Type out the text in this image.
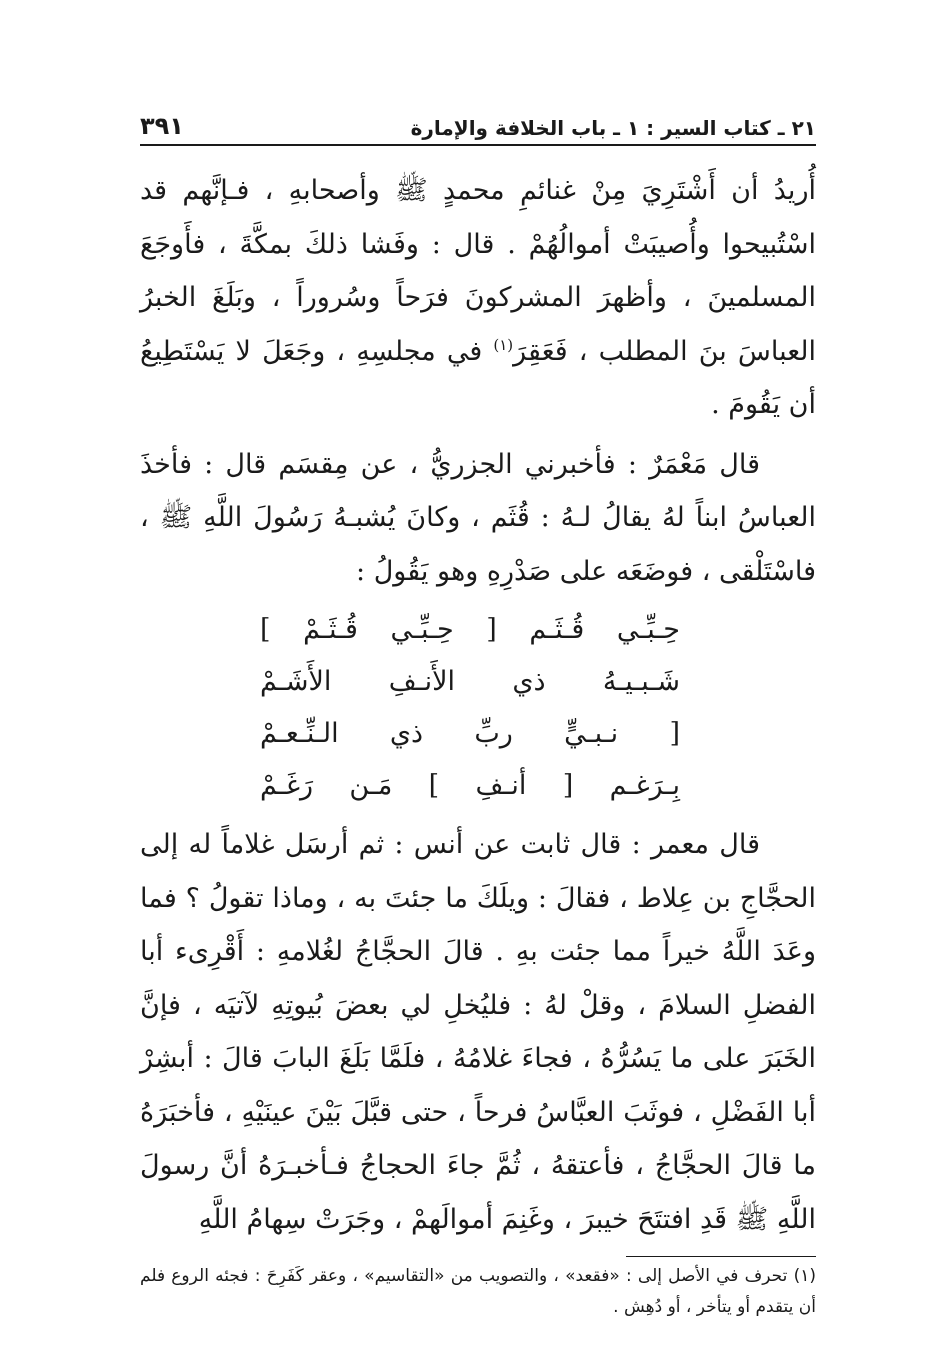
٢١ ـ كتاب السير : ١ ـ باب الخلافة والإمارة
٣٩١

أُريدُ أن أَشْتَرِيَ مِنْ غنائمِ محمدٍ ﷺ وأصحابهِ ، فـإنَّهم قد اسْتُبيحوا وأُصيبَتْ أموالُهُمْ . قال : وفَشا ذلكَ بمكَّةَ ، فأَوجَعَ المسلمينَ ، وأظهرَ المشركونَ فرَحاً وسُروراً ، وبَلَغَ الخبرُ العباسَ بنَ المطلب ، فَعَقِرَ$^{(١)}$ في مجلسِهِ ، وجَعَلَ لا يَسْتَطِيعُ أن يَقُومَ .

قال مَعْمَرٌ : فأخبرني الجزريُّ ، عن مِقسَم قال : فأخذَ العباسُ ابناً لهُ يقالُ لـهُ : قُثَم ، وكانَ يُشبـهُ رَسُولَ اللَّهِ ﷺ ، فاسْتَلْقى ، فوضَعَه على صَدْرِهِ وهو يَقُولُ :

حِـبِّـي قُـثَـم [ حِـبِّـي قُـثَـمْ ]
شَـبـيـهُ ذي الأَنـفِ الأَشَـمْ
[ نـبـيٍّ ربِّ ذي الـنِّـعـمْ
بِـرَغـم [ أنـفِ ] مَـن رَغَـمْ

قال معمر : قال ثابت عن أنس : ثم أرسَل غلاماً له إلى الحجَّاجِ بن عِلاط ، فقالَ : ويلَكَ ما جئتَ به ، وماذا تقولُ ؟ فما وعَدَ اللَّهُ خيراً مما جئت بهِ . قالَ الحجَّاجُ لغُلامهِ : أَقْرِىء أبا الفضلِ السلامَ ، وقلْ لهُ : فليُخلِ لي بعضَ بُيوتِهِ لآتيَه ، فإنَّ الخَبَرَ على ما يَسُرُّهُ ، فجاءَ غلامُهُ ، فلَمَّا بَلَغَ البابَ قالَ : أبشِرْ أبا الفَضْلِ ، فوثَبَ العبَّاسُ فرحاً ، حتى قبَّلَ بَيْنَ عينَيْهِ ، فأخبَرَهُ ما قالَ الحجَّاجُ ، فأعتقهُ ، ثُمَّ جاءَ الحجاجُ فـأخبـرَهُ أنَّ رسولَ اللَّهِ ﷺ قَدِ افتتَحَ خيبرَ ، وغَنِمَ أموالَهمْ ، وجَرَتْ سِهامُ اللَّهِ

(١) تحرف في الأصل إلى : «فقعد» ، والتصويب من «التقاسيم» ، وعقر كَفَرِحَ : فجئه الروع فلم أن يتقدم أو يتأخر ، أو دُهِش .
